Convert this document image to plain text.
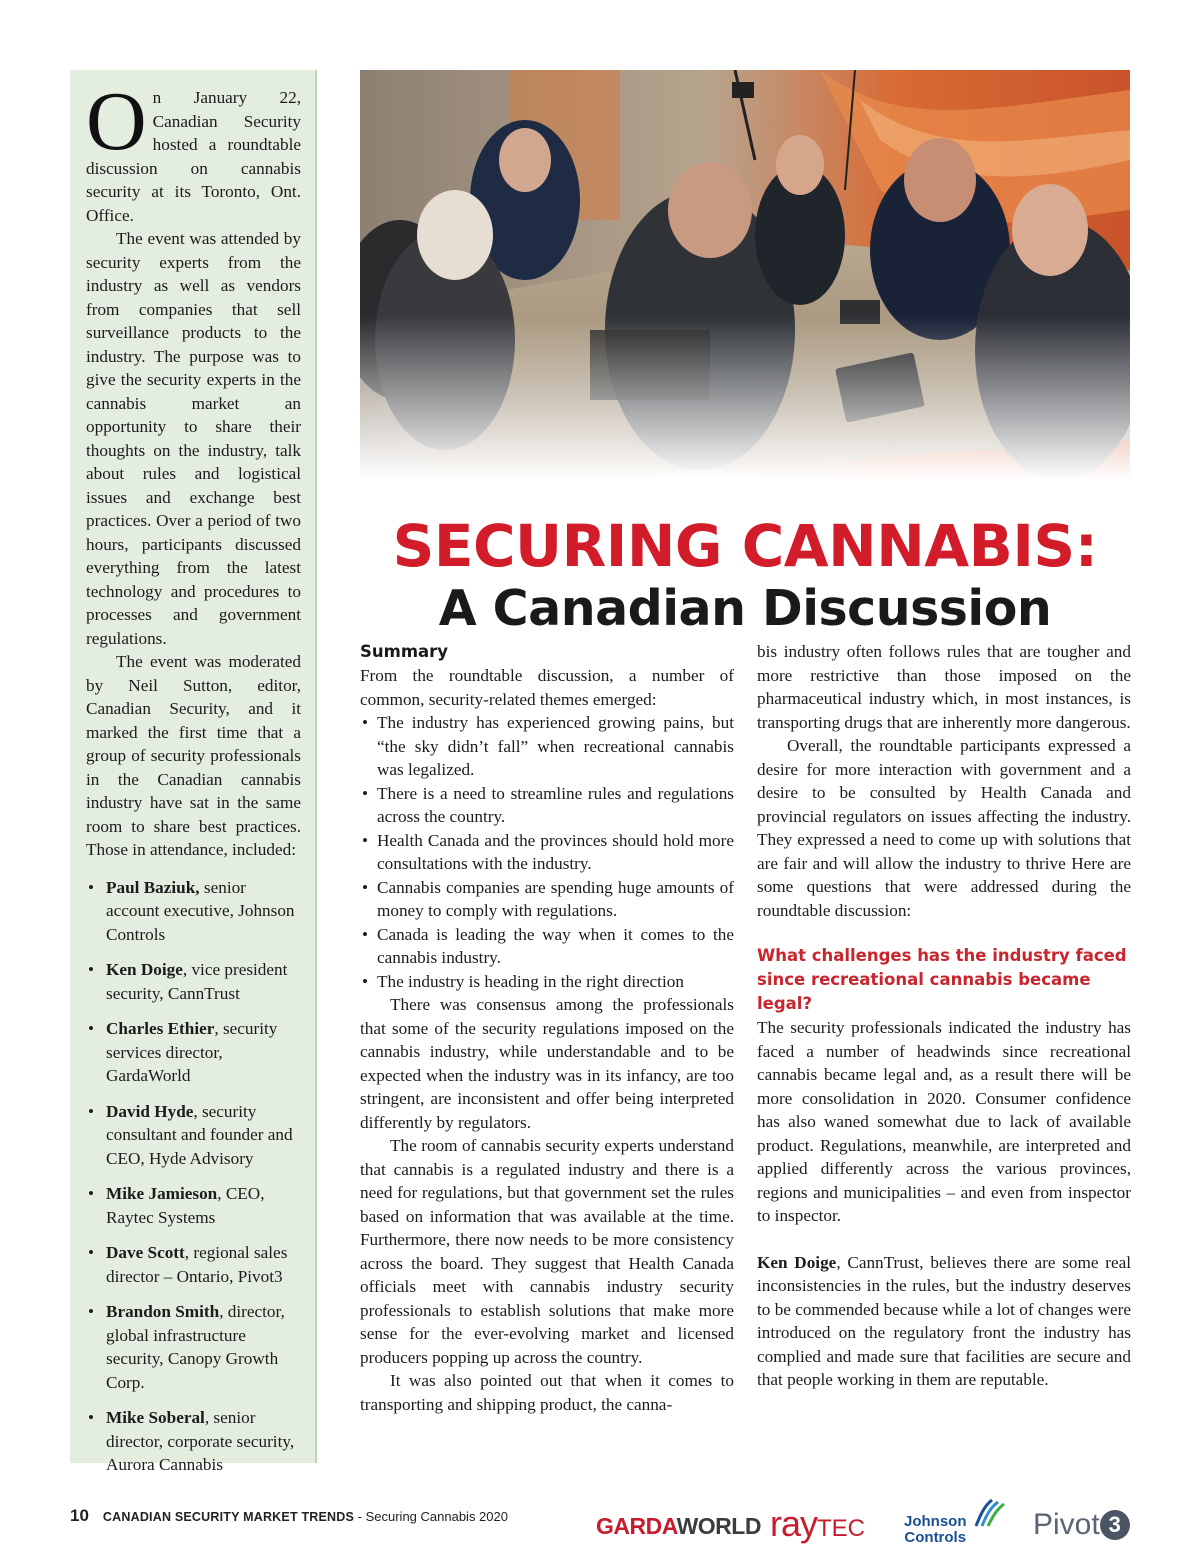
On January 22, Canadian Security hosted a roundtable discussion on cannabis security at its Toronto, Ont. Office.

The event was attended by security experts from the industry as well as vendors from companies that sell surveillance products to the industry. The purpose was to give the security experts in the cannabis market an opportunity to share their thoughts on the industry, talk about rules and logistical issues and exchange best practices. Over a period of two hours, participants discussed everything from the latest technology and procedures to processes and government regulations.

The event was moderated by Neil Sutton, editor, Canadian Security, and it marked the first time that a group of security professionals in the Canadian cannabis industry have sat in the same room to share best practices. Those in attendance, included:

• Paul Baziuk, senior account executive, Johnson Controls
• Ken Doige, vice president security, CannTrust
• Charles Ethier, security services director, GardaWorld
• David Hyde, security consultant and founder and CEO, Hyde Advisory
• Mike Jamieson, CEO, Raytec Systems
• Dave Scott, regional sales director – Ontario, Pivot3
• Brandon Smith, director, global infrastructure security, Canopy Growth Corp.
• Mike Soberal, senior director, corporate security, Aurora Cannabis
SECURING CANNABIS:
A Canadian Discussion
Summary

From the roundtable discussion, a number of common, security-related themes emerged:

• The industry has experienced growing pains, but “the sky didn’t fall” when recreational cannabis was legalized.
• There is a need to streamline rules and regulations across the country.
• Health Canada and the provinces should hold more consultations with the industry.
• Cannabis companies are spending huge amounts of money to comply with regulations.
• Canada is leading the way when it comes to the cannabis industry.
• The industry is heading in the right direction

There was consensus among the professionals that some of the security regulations imposed on the cannabis industry, while understandable and to be expected when the industry was in its infancy, are too stringent, are inconsistent and offer being interpreted differently by regulators.

The room of cannabis security experts understand that cannabis is a regulated industry and there is a need for regulations, but that government set the rules based on information that was available at the time. Furthermore, there now needs to be more consistency across the board. They suggest that Health Canada officials meet with cannabis industry security professionals to establish solutions that make more sense for the ever-evolving market and licensed producers popping up across the country.

It was also pointed out that when it comes to transporting and shipping product, the canna-

bis industry often follows rules that are tougher and more restrictive than those imposed on the pharmaceutical industry which, in most instances, is transporting drugs that are inherently more dangerous.

Overall, the roundtable participants expressed a desire for more interaction with government and a desire to be consulted by Health Canada and provincial regulators on issues affecting the industry. They expressed a need to come up with solutions that are fair and will allow the industry to thrive Here are some questions that were addressed during the roundtable discussion:

What challenges has the industry faced since recreational cannabis became legal?

The security professionals indicated the industry has faced a number of headwinds since recreational cannabis became legal and, as a result there will be more consolidation in 2020. Consumer confidence has also waned somewhat due to lack of available product. Regulations, meanwhile, are interpreted and applied differently across the various provinces, regions and municipalities – and even from inspector to inspector.

Ken Doige, CannTrust, believes there are some real inconsistencies in the rules, but the industry deserves to be commended because while a lot of changes were introduced on the regulatory front the industry has complied and made sure that facilities are secure and that people working in them are reputable.

10 CANADIAN SECURITY MARKET TRENDS - Securing Cannabis 2020	GARDAWORLD rayTEC	Johnson
Controls Pivot 3
